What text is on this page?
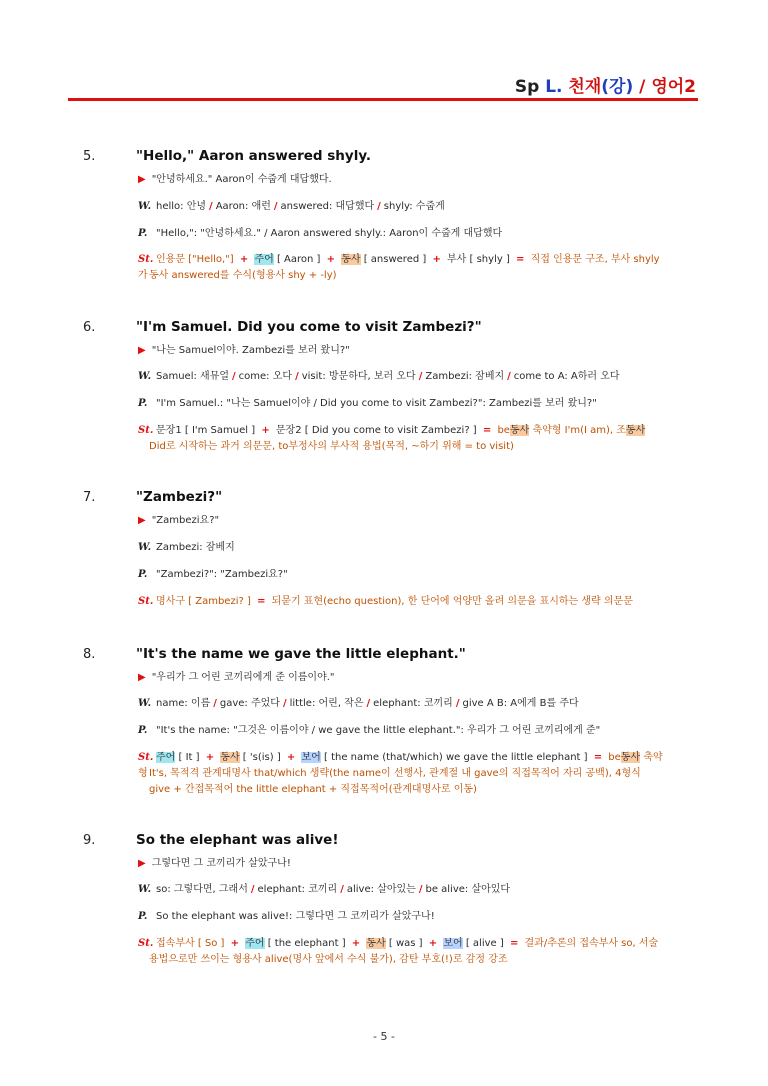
Sp L. 천재(강) / 영어2
5.	"Hello," Aaron answered shyly.
▶ "안녕하세요." Aaron이 수줍게 대답했다.
W. hello: 안녕 / Aaron: 애런 / answered: 대답했다 / shyly: 수줍게
P. "Hello,": "안녕하세요." / Aaron answered shyly.: Aaron이 수줍게 대답했다
St. 인용문 ["Hello,"] + 주어 [ Aaron ] + 동사 [ answered ] + 부사 [ shyly ] = 직접 인용문 구조, 부사 shyly가 동사 answered를 수식(형용사 shy + -ly)
6.	"I'm Samuel. Did you come to visit Zambezi?"
▶ "나는 Samuel이야. Zambezi를 보러 왔니?"
W. Samuel: 새뮤얼 / come: 오다 / visit: 방문하다, 보러 오다 / Zambezi: 잠베지 / come to A: A하러 오다
P. "I'm Samuel.: "나는 Samuel이야 / Did you come to visit Zambezi?": Zambezi를 보러 왔니?"
St. 문장1 [ I'm Samuel ] + 문장2 [ Did you come to visit Zambezi? ] = be동사 축약형 I'm(I am), 조동사
Did로 시작하는 과거 의문문, to부정사의 부사적 용법(목적, ~하기 위해 = to visit)
7.	"Zambezi?"
▶ "Zambezi요?"
W. Zambezi: 잠베지
P. "Zambezi?": "Zambezi요?"
St. 명사구 [ Zambezi? ] = 되묻기 표현(echo question), 한 단어에 억양만 올려 의문을 표시하는 생략 의문문
8.	"It's the name we gave the little elephant."
▶ "우리가 그 어린 코끼리에게 준 이름이야."
W. name: 이름 / gave: 주었다 / little: 어린, 작은 / elephant: 코끼리 / give A B: A에게 B를 주다
P. "It's the name: "그것은 이름이야 / we gave the little elephant.": 우리가 그 어린 코끼리에게 준"
St. 주어 [ It ] + 동사 [ 's(is) ] + 보어 [ the name (that/which) we gave the little elephant ] = be동사 축약형 It's, 목적격 관계대명사 that/which 생략(the name이 선행사, 관계절 내 gave의 직접목적어 자리 공백), 4형식
give + 간접목적어 the little elephant + 직접목적어(관계대명사로 이동)
9.	So the elephant was alive!
▶ 그렇다면 그 코끼리가 살았구나!
W. so: 그렇다면, 그래서 / elephant: 코끼리 / alive: 살아있는 / be alive: 살아있다
P. So the elephant was alive!: 그렇다면 그 코끼리가 살았구나!
St. 접속부사 [ So ] + 주어 [ the elephant ] + 동사 [ was ] + 보어 [ alive ] = 결과/추론의 접속부사 so, 서술
용법으로만 쓰이는 형용사 alive(명사 앞에서 수식 불가), 감탄 부호(!)로 감정 강조
- 5 -
